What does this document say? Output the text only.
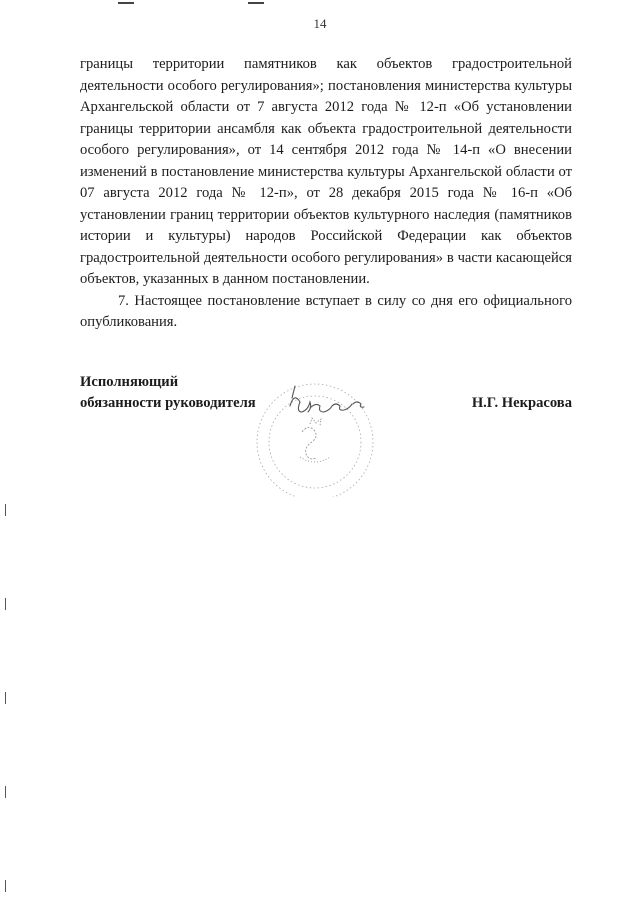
14

границы территории памятников как объектов градостроительной деятельности особого регулирования»; постановления министерства культуры Архангельской области от 7 августа 2012 года № 12-п «Об установлении границы территории ансамбля как объекта градостроительной деятельности особого регулирования», от 14 сентября 2012 года № 14-п «О внесении изменений в постановление министерства культуры Архангельской области от 07 августа 2012 года № 12-п», от 28 декабря 2015 года № 16-п «Об установлении границ территории объектов культурного наследия (памятников истории и культуры) народов Российской Федерации как объектов градостроительной деятельности особого регулирования» в части касающейся объектов, указанных в данном постановлении.

7. Настоящее постановление вступает в силу со дня его официального опубликования.

Исполняющий
обязанности руководителя	Н.Г. Некрасова
